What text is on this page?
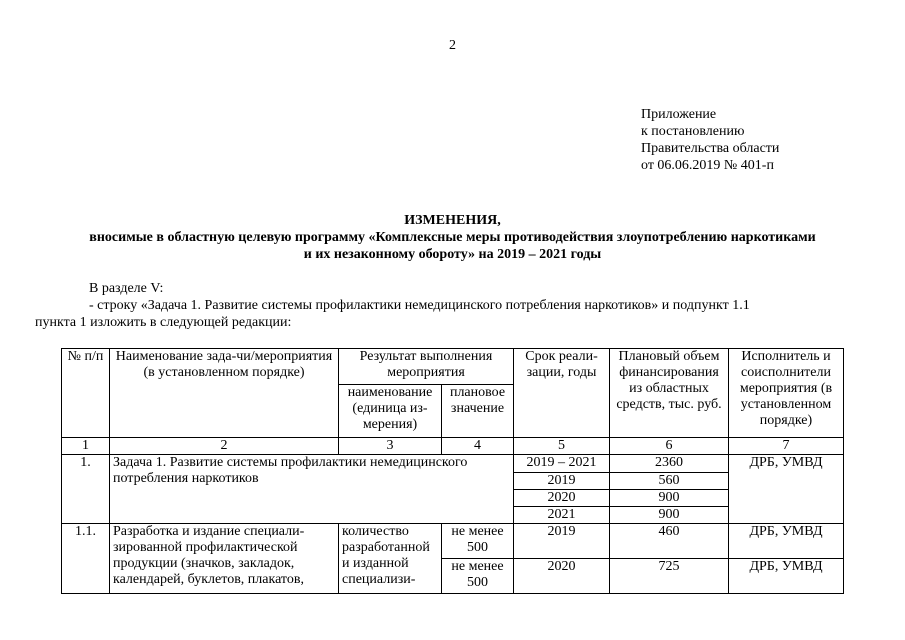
2
Приложение
к постановлению
Правительства области
от 06.06.2019 № 401-п
ИЗМЕНЕНИЯ,
вносимые в областную целевую программу «Комплексные меры противодействия злоупотреблению наркотиками
и их незаконному обороту» на 2019 – 2021 годы
В разделе V:
- строку «Задача 1. Развитие системы профилактики немедицинского потребления наркотиков» и подпункт 1.1
пункта 1 изложить в следующей редакции:
№ п/п	Наименование зада-чи/мероприятия (в установленном порядке)	Результат выполнения мероприятия		Срок реали-зации, годы	Плановый объем финансирования из областных средств, тыс. руб.	Исполнитель и соисполнители мероприятия (в установленном порядке)
		наименование (единица из-мерения)	плановое значение			
1	2	3	4	5	6	7
1.	Задача 1. Развитие системы профилактики немедицинского потребления наркотиков			2019 – 2021	2360	ДРБ, УМВД
				2019	560	
				2020	900	
				2021	900	
1.1.	Разработка и издание специали-зированной профилактической продукции (значков, закладок, календарей, буклетов, плакатов,	количество разработанной и изданной специализи-	не менее 500	2019	460	ДРБ, УМВД
			не менее 500	2020	725	ДРБ, УМВД
